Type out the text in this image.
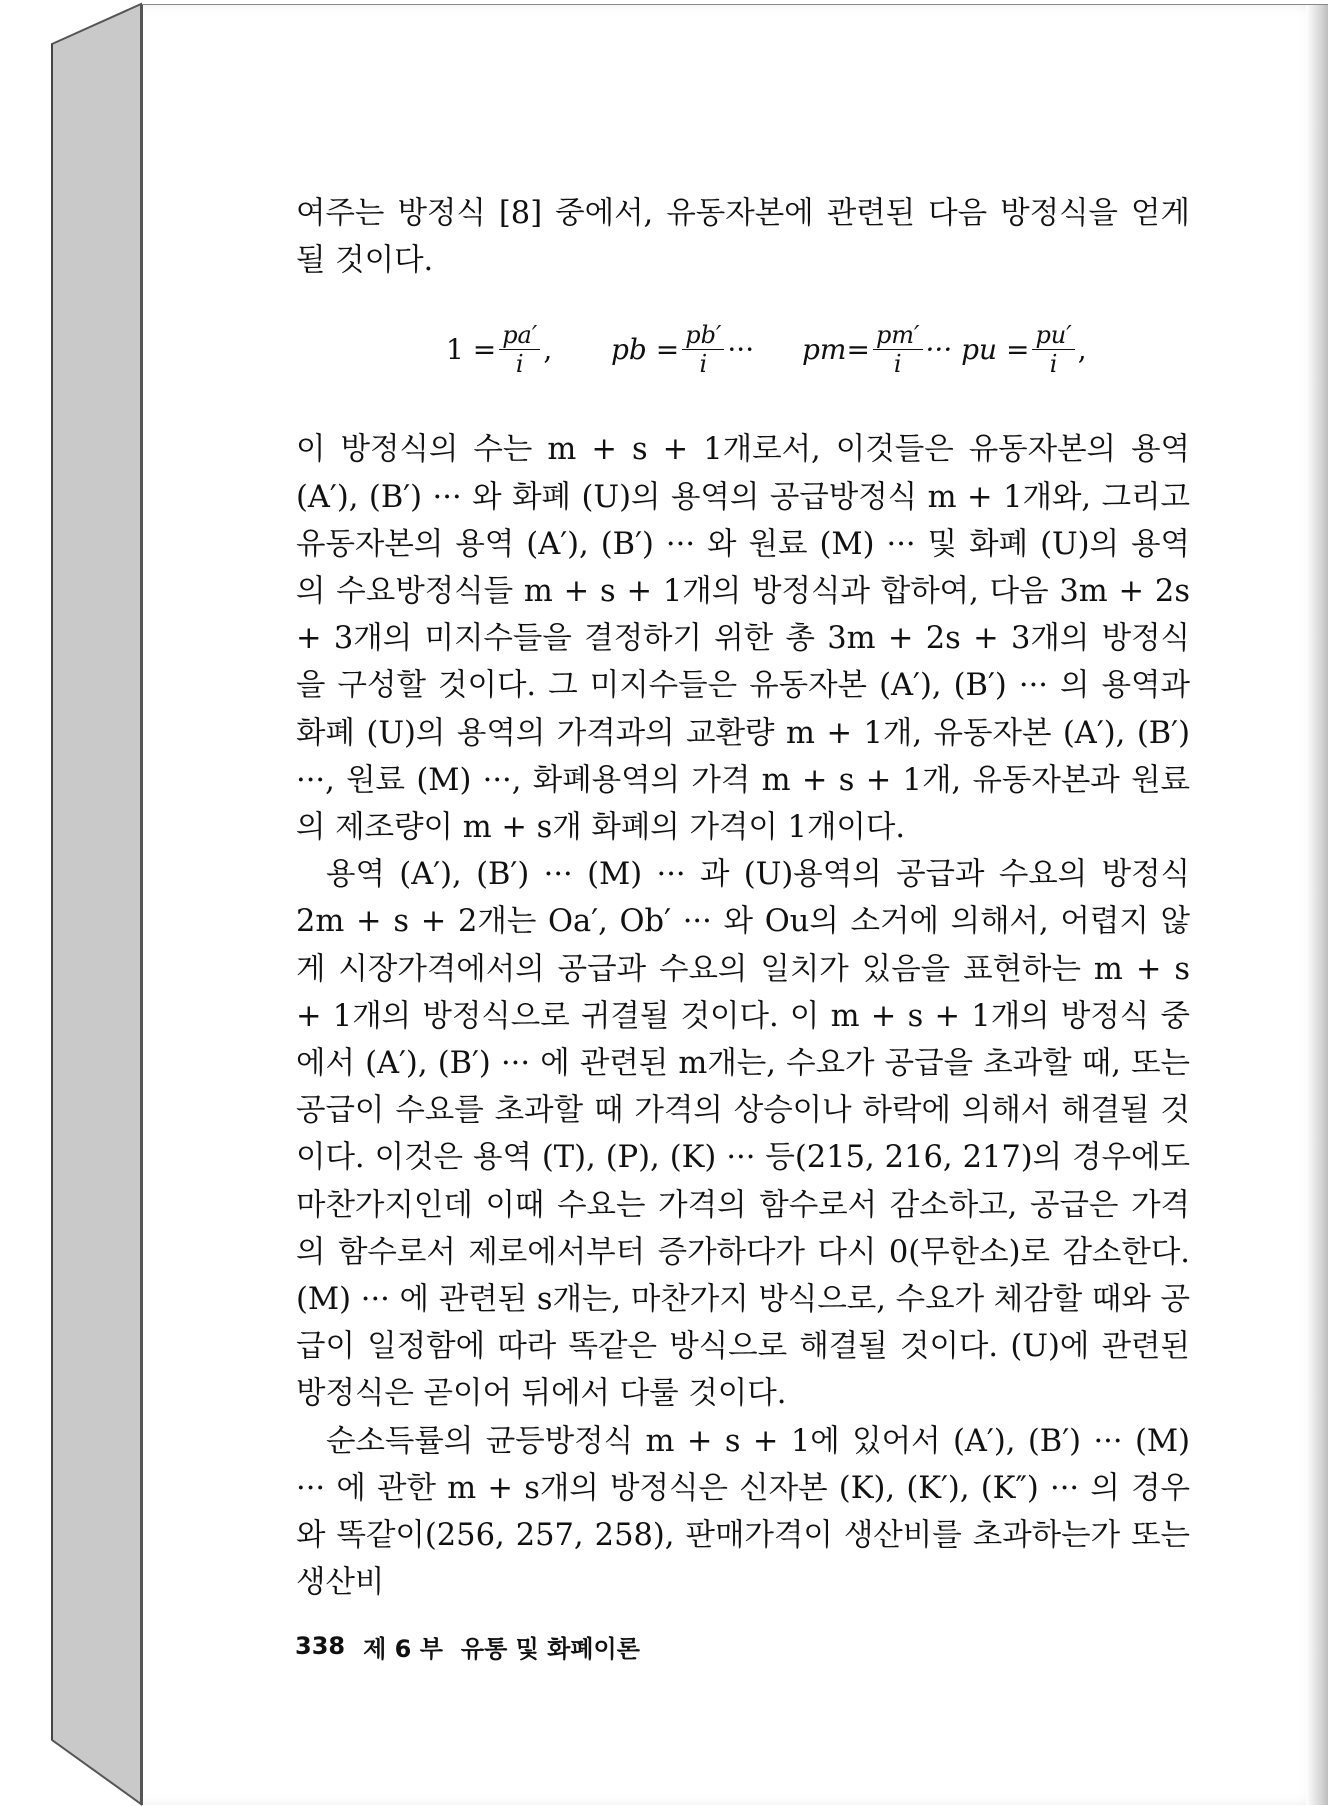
$1 = \frac{pa'}{i}$ , pb = $\frac{pb'}{i}$ ··· $pm= \frac{pm'}{i}$ ··· pu = $\frac{pu'}{i}$ ,

여주는 방정식 [8] 중에서, 유동자본에 관련된 다음 방정식을 얻게 될 것이다.

이 방정식의 수는 m + s + 1개로서, 이것들은 유동자본의 용역 (A′), (B′) ··· 와 화폐 (U)의 용역의 공급방정식 m + 1개와, 그리고 유동자본의 용역 (A′), (B′) ··· 와 원료 (M) ··· 및 화폐 (U)의 용역의 수요방정식들 m + s + 1개의 방정식과 합하여, 다음 3m + 2s + 3개의 미지수들을 결정하기 위한 총 3m + 2s + 3개의 방정식을 구성할 것이다. 그 미지수들은 유동자본 (A′), (B′) ··· 의 용역과 화폐 (U)의 용역의 가격과의 교환량 m + 1개, 유동자본 (A′), (B′) ···, 원료 (M) ···, 화폐용역의 가격 m + s + 1개, 유동자본과 원료의 제조량이 m + s개 화폐의 가격이 1개이다.

용역 (A′), (B′) ··· (M) ··· 과 (U)용역의 공급과 수요의 방정식 2m + s + 2개는 Oa′, Ob′ ··· 와 Ou의 소거에 의해서, 어렵지 않게 시장가격에서의 공급과 수요의 일치가 있음을 표현하는 m + s + 1개의 방정식으로 귀결될 것이다. 이 m + s + 1개의 방정식 중에서 (A′), (B′) ··· 에 관련된 m개는, 수요가 공급을 초과할 때, 또는 공급이 수요를 초과할 때 가격의 상승이나 하락에 의해서 해결될 것이다. 이것은 용역 (T), (P), (K) ··· 등(215, 216, 217)의 경우에도 마찬가지인데 이때 수요는 가격의 함수로서 감소하고, 공급은 가격의 함수로서 제로에서부터 증가하다가 다시 0(무한소)로 감소한다. (M) ··· 에 관련된 s개는, 마찬가지 방식으로, 수요가 체감할 때와 공급이 일정함에 따라 똑같은 방식으로 해결될 것이다. (U)에 관련된 방정식은 곧이어 뒤에서 다룰 것이다.

순소득률의 균등방정식 m + s + 1에 있어서 (A′), (B′) ··· (M) ··· 에 관한 m + s개의 방정식은 신자본 (K), (K′), (K″) ··· 의 경우와 똑같이(256, 257, 258), 판매가격이 생산비를 초과하는가 또는 생산비

338 제 6 부 유통 및 화폐이론
